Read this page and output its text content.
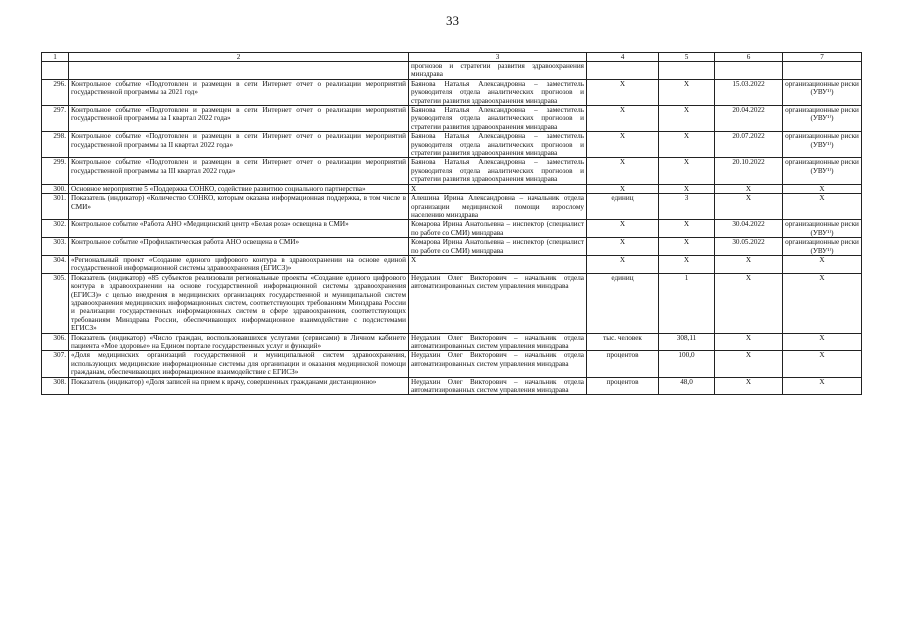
33
1	2	3	4	5	6	7
		прогнозов и стратегии развития здравоохранения минздрава				
296.	Контрольное событие «Подготовлен и размещен в сети Интернет отчет о реализации мероприятий государственной программы за 2021 год»	Баянова Наталья Александровна – заместитель руководителя отдела аналитических прогнозов и стратегии развития здравоохранения минздрава	Х	Х	15.03.2022	организационные риски (УВУ¹⁾)
297.	Контрольное событие «Подготовлен и размещен в сети Интернет отчет о реализации мероприятий государственной программы за I квартал 2022 года»	Баянова Наталья Александровна – заместитель руководителя отдела аналитических прогнозов и стратегии развития здравоохранения минздрава	Х	Х	20.04.2022	организационные риски (УВУ¹⁾)
298.	Контрольное событие «Подготовлен и размещен в сети Интернет отчет о реализации мероприятий государственной программы за II квартал 2022 года»	Баянова Наталья Александровна – заместитель руководителя отдела аналитических прогнозов и стратегии развития здравоохранения минздрава	Х	Х	20.07.2022	организационные риски (УВУ¹⁾)
299.	Контрольное событие «Подготовлен и размещен в сети Интернет отчет о реализации мероприятий государственной программы за III квартал 2022 года»	Баянова Наталья Александровна – заместитель руководителя отдела аналитических прогнозов и стратегии развития здравоохранения минздрава	Х	Х	20.10.2022	организационные риски (УВУ¹⁾)
300.	Основное мероприятие 5 «Поддержка СОНКО, содействие развитию социального партнерства»	Х	Х	Х	Х	Х
301.	Показатель (индикатор) «Количество СОНКО, которым оказана информационная поддержка, в том числе в СМИ»	Алешина Ирина Александровна – начальник отдела организации медицинской помощи взрослому населению минздрава	единиц	3	Х	Х
302.	Контрольное событие «Работа АНО «Медицинский центр «Белая роза» освещена в СМИ»	Комарова Ирина Анатольевна – инспектор (специалист по работе со СМИ) минздрава	Х	Х	30.04.2022	организационные риски (УВУ¹⁾)
303.	Контрольное событие «Профилактическая работа АНО освещена в СМИ»	Комарова Ирина Анатольевна – инспектор (специалист по работе со СМИ) минздрава	Х	Х	30.05.2022	организационные риски (УВУ¹⁾)
304.	«Региональный проект «Создание единого цифрового контура в здравоохранении на основе единой государственной информационной системы здравоохранения (ЕГИСЗ)»	Х	Х	Х	Х	Х
305.	Показатель (индикатор) «85 субъектов реализовали региональные проекты «Создание единого цифрового контура в здравоохранении на основе государственной информационной системы здравоохранения (ЕГИСЗ)» с целью внедрения в медицинских организациях государственной и муниципальной систем здравоохранения медицинских информационных систем, соответствующих требованиям Минздрава России и реализации государственных информационных систем в сфере здравоохранения, соответствующих требованиям Минздрава России, обеспечивающих информационное взаимодействие с подсистемами ЕГИСЗ»	Неудахин Олег Викторович – начальник отдела автоматизированных систем управления минздрава	единиц	1	Х	Х
306.	Показатель (индикатор) «Число граждан, воспользовавшихся услугами (сервисами) в Личном кабинете пациента «Мое здоровье» на Едином портале государственных услуг и функций»	Неудахин Олег Викторович – начальник отдела автоматизированных систем управления минздрава	тыс. человек	308,11	Х	Х
307.	«Доля медицинских организаций государственной и муниципальной систем здравоохранения, использующих медицинские информационные системы для организации и оказания медицинской помощи гражданам, обеспечивающих информационное взаимодействие с ЕГИСЗ»	Неудахин Олег Викторович – начальник отдела автоматизированных систем управления минздрава	процентов	100,0	Х	Х
308.	Показатель (индикатор) «Доля записей на прием к врачу, совершенных гражданами дистанционно»	Неудахин Олег Викторович – начальник отдела автоматизированных систем управления минздрава	процентов	48,0	Х	Х
